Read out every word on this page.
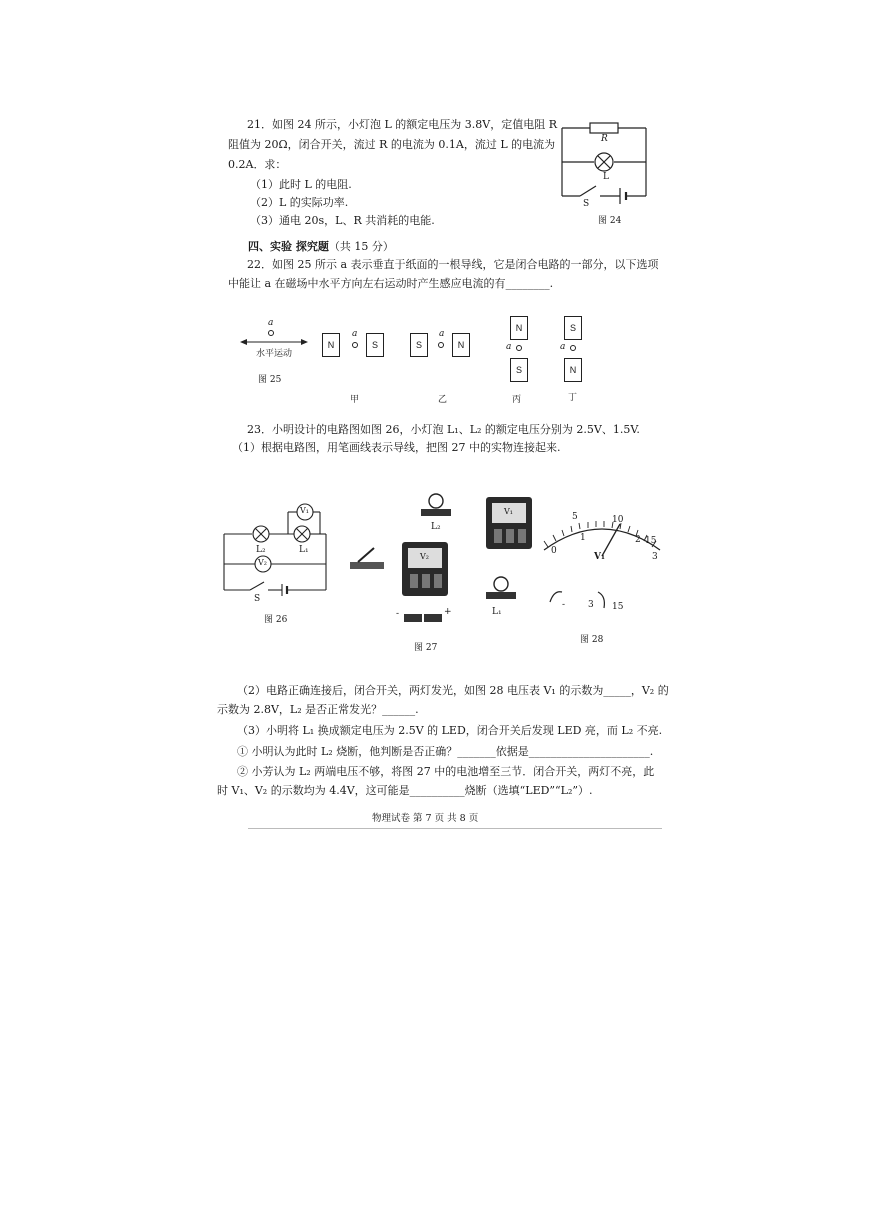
21．如图 24 所示，小灯泡 L 的额定电压为 3.8V，定值电阻 R
阻值为 20Ω，闭合开关，流过 R 的电流为 0.1A，流过 L 的电流为
0.2A．求：
（1）此时 L 的电阻.
（2）L 的实际功率.
（3）通电 20s，L、R 共消耗的电能.
R
L
S
图 24
四、实验 探究题（共 15 分）
22．如图 25 所示 a 表示垂直于纸面的一根导线，它是闭合电路的一部分，以下选项
中能让 a 在磁场中水平方向左右运动时产生感应电流的有________.
a
水平运动
图 25
N
a
S
甲
S
a
N
乙
N
a
S
丙
S
a
N
丁
23．小明设计的电路图如图 26，小灯泡 L₁、L₂ 的额定电压分别为 2.5V、1.5V.
（1）根据电路图，用笔画线表示导线，把图 27 中的实物连接起来.
V₁
V₂
L₂	L₁
S
图 26
L₂
V₁
V₂
L₁
-	+
图 27
5	10
0
15
1	2
3
V₁
-	3 15
图 28
（2）电路正确连接后，闭合开关，两灯发光，如图 28 电压表 V₁ 的示数为_____，V₂ 的
示数为 2.8V，L₂ 是否正常发光？______.
（3）小明将 L₁ 换成额定电压为 2.5V 的 LED，闭合开关后发现 LED 亮，而 L₂ 不亮.
① 小明认为此时 L₂ 烧断，他判断是否正确？_______依据是______________________.
② 小芳认为 L₂ 两端电压不够，将图 27 中的电池增至三节．闭合开关，两灯不亮，此
时 V₁、V₂ 的示数均为 4.4V，这可能是__________烧断（选填“LED”“L₂”）.
物理试卷 第 7 页 共 8 页
